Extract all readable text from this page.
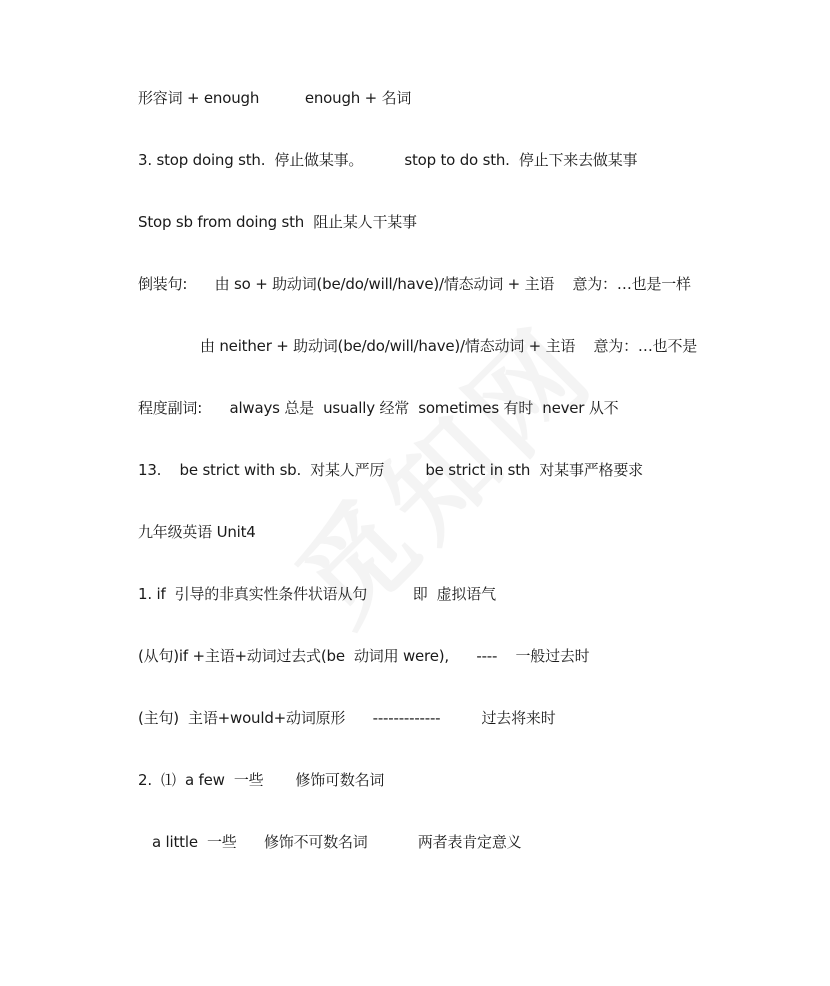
形容词 + enough          enough + 名词
3. stop doing sth.  停止做某事。         stop to do sth.  停止下来去做某事
Stop sb from doing sth  阻止某人干某事
倒装句:      由 so + 助动词(be/do/will/have)/情态动词 + 主语    意为：…也是一样
由 neither + 助动词(be/do/will/have)/情态动词 + 主语    意为：…也不是
程度副词:      always 总是  usually 经常  sometimes 有时  never 从不
13.    be strict with sb.  对某人严厉         be strict in sth  对某事严格要求
九年级英语 Unit4
1. if  引导的非真实性条件状语从句          即  虚拟语气
(从句)if +主语+动词过去式(be  动词用 were),      ----    一般过去时
(主句)  主语+would+动词原形      -------------         过去将来时
2.  ⑴  a few  一些       修饰可数名词
a little  一些      修饰不可数名词           两者表肯定意义
